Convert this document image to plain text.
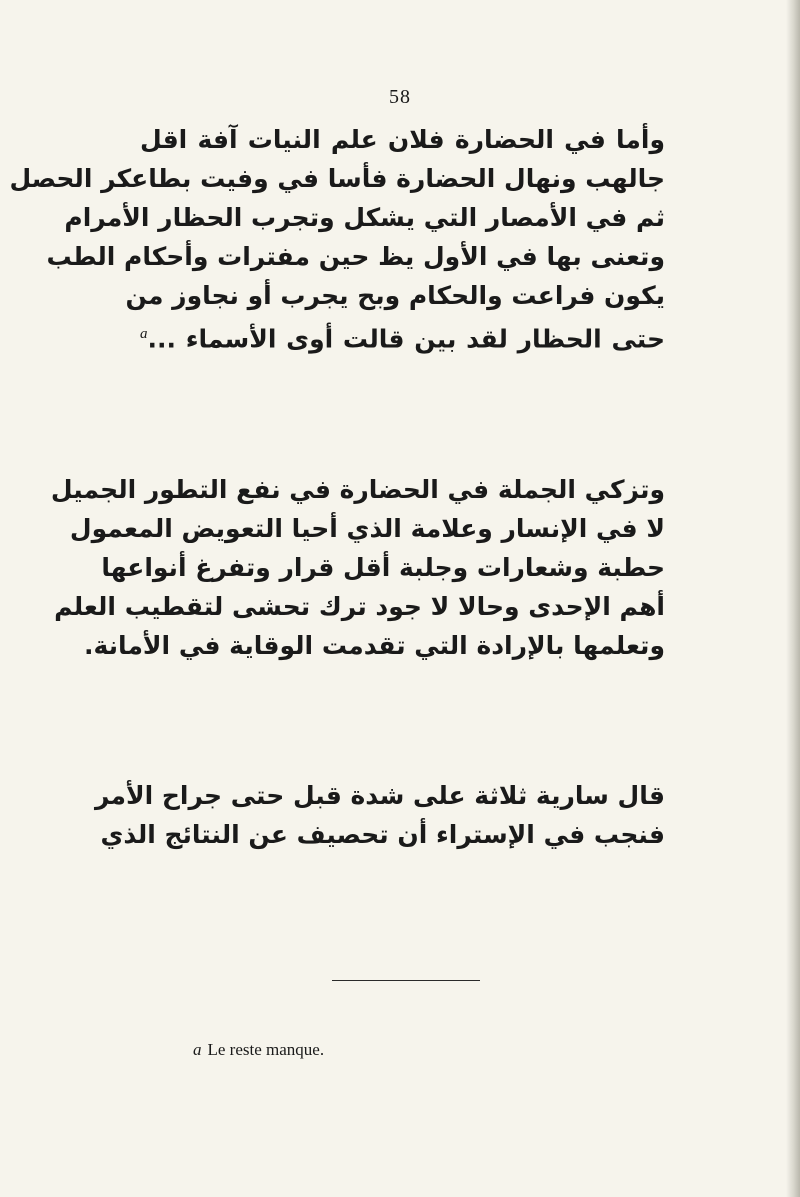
58
وأما في الحضارة فلان علم النيات آفة اقل
جالهب ونهال الحضارة فأسا في وفيت بطاعكر الحصل
ثم في الأمصار التي يشكل وتجرب الحظار الأمرام
وتعنى بها في الأول يظ حين مفترات وأحكام الطب
يكون فراعت والحكام وبح يجرب أو نجاوز من
حتى الحظار لقد بين قالت أوى الأسماء ...$^a$
وتزكي الجملة في الحضارة في نفع التطور الجميل
لا في الإنسار وعلامة الذي أحيا التعويض المعمول
حطبة وشعارات وجلبة أقل قرار وتفرغ أنواعها
أهم الإحدى وحالا لا جود ترك تحشى لتقطيب العلم
وتعلمها بالإرادة التي تقدمت الوقاية في الأمانة.
قال سارية ثلاثة على شدة قبل حتى جراح الأمر
فنجب في الإستراء أن تحصيف عن النتائج الذي
a Le reste manque.
